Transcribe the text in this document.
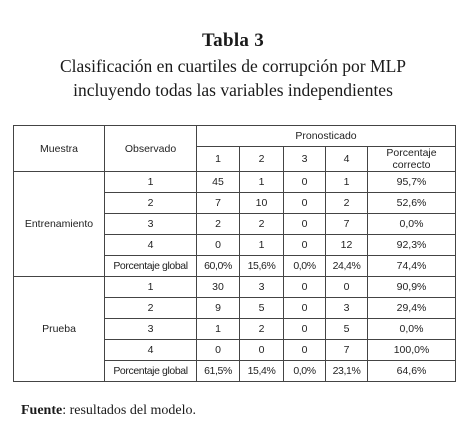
Tabla 3
Clasificación en cuartiles de corrupción por MLP
incluyendo todas las variables independientes
Muestra	Observado	Pronosticado				
		1	2	3	4	Porcentaje
correcto
Entrenamiento	1	45	1	0	1	95,7%
	2	7	10	0	2	52,6%
	3	2	2	0	7	0,0%
	4	0	1	0	12	92,3%
	Porcentaje global	60,0%	15,6%	0,0%	24,4%	74,4%
Prueba	1	30	3	0	0	90,9%
	2	9	5	0	3	29,4%
	3	1	2	0	5	0,0%
	4	0	0	0	7	100,0%
	Porcentaje global	61,5%	15,4%	0,0%	23,1%	64,6%
Fuente: resultados del modelo.
